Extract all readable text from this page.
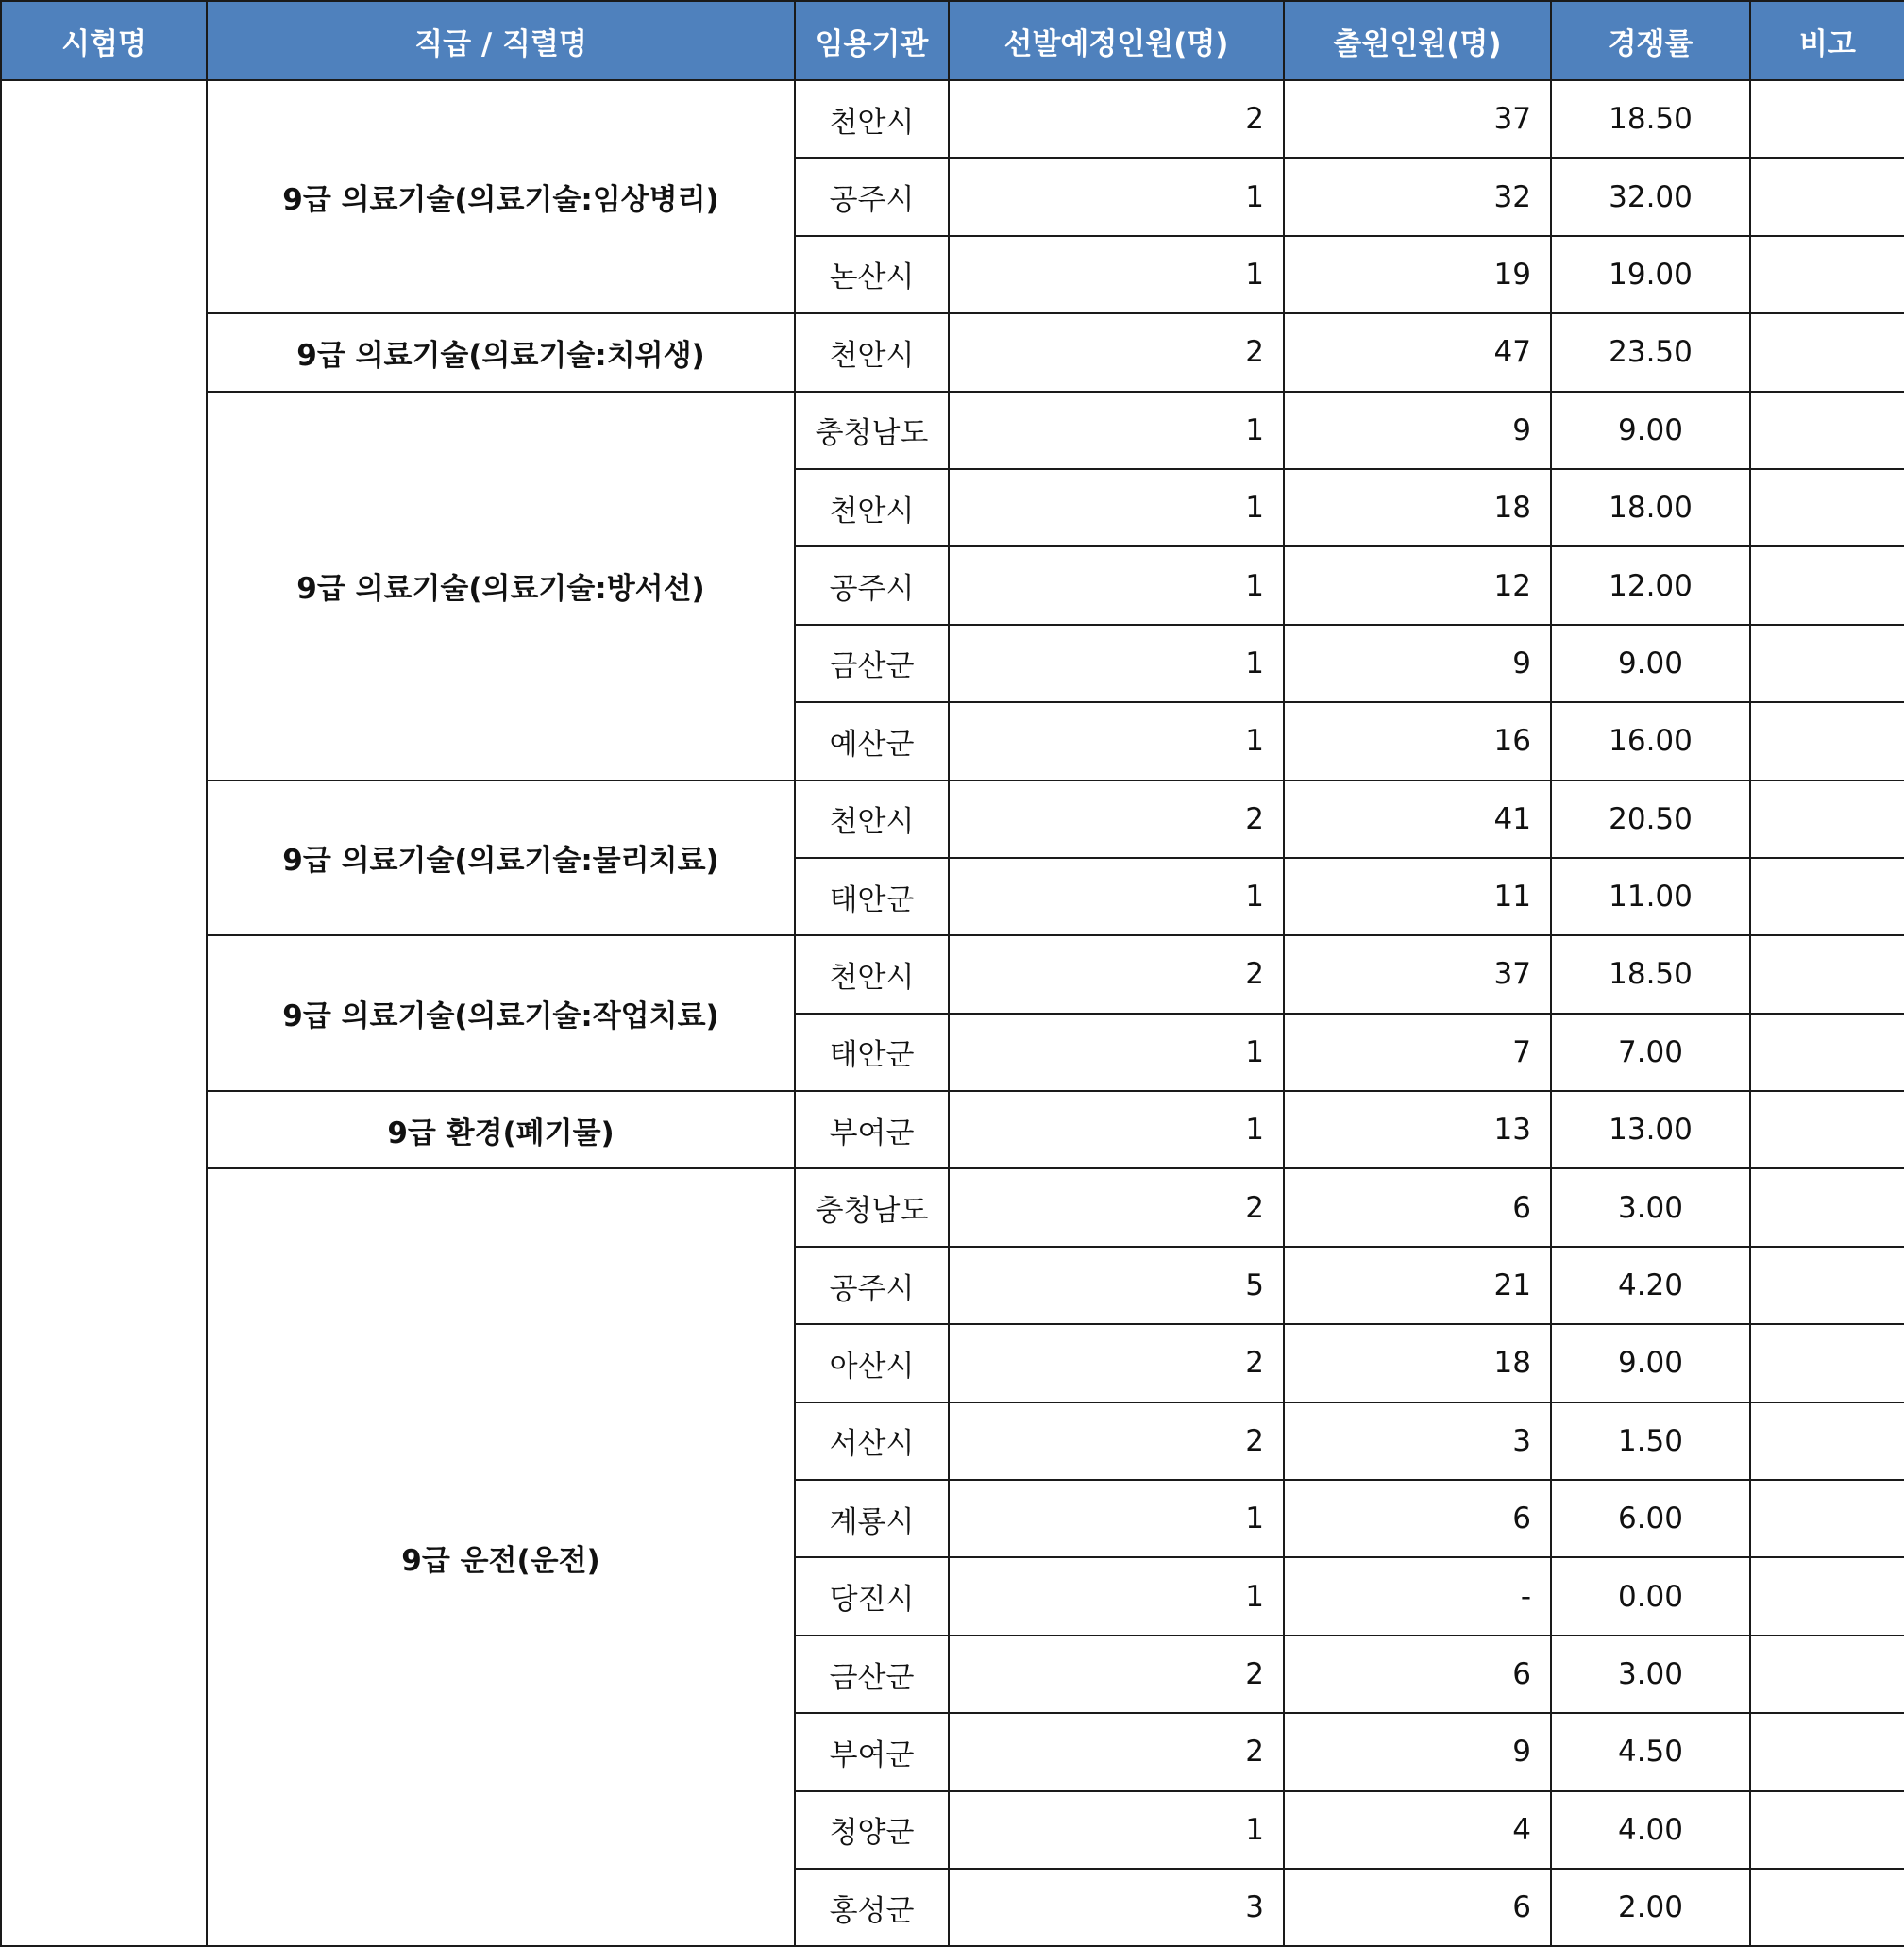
시험명	직급 / 직렬명	임용기관	선발예정인원(명)	출원인원(명)	경쟁률	비고
	9급 의료기술(의료기술:임상병리)	천안시	2	37	18.50	
		공주시	1	32	32.00	
		논산시	1	19	19.00	
	9급 의료기술(의료기술:치위생)	천안시	2	47	23.50	
	9급 의료기술(의료기술:방서선)	충청남도	1	9	9.00	
		천안시	1	18	18.00	
		공주시	1	12	12.00	
		금산군	1	9	9.00	
		예산군	1	16	16.00	
	9급 의료기술(의료기술:물리치료)	천안시	2	41	20.50	
		태안군	1	11	11.00	
	9급 의료기술(의료기술:작업치료)	천안시	2	37	18.50	
		태안군	1	7	7.00	
	9급 환경(폐기물)	부여군	1	13	13.00	
	9급 운전(운전)	충청남도	2	6	3.00	
		공주시	5	21	4.20	
		아산시	2	18	9.00	
		서산시	2	3	1.50	
		계룡시	1	6	6.00	
		당진시	1	-	0.00	
		금산군	2	6	3.00	
		부여군	2	9	4.50	
		청양군	1	4	4.00	
		홍성군	3	6	2.00	
